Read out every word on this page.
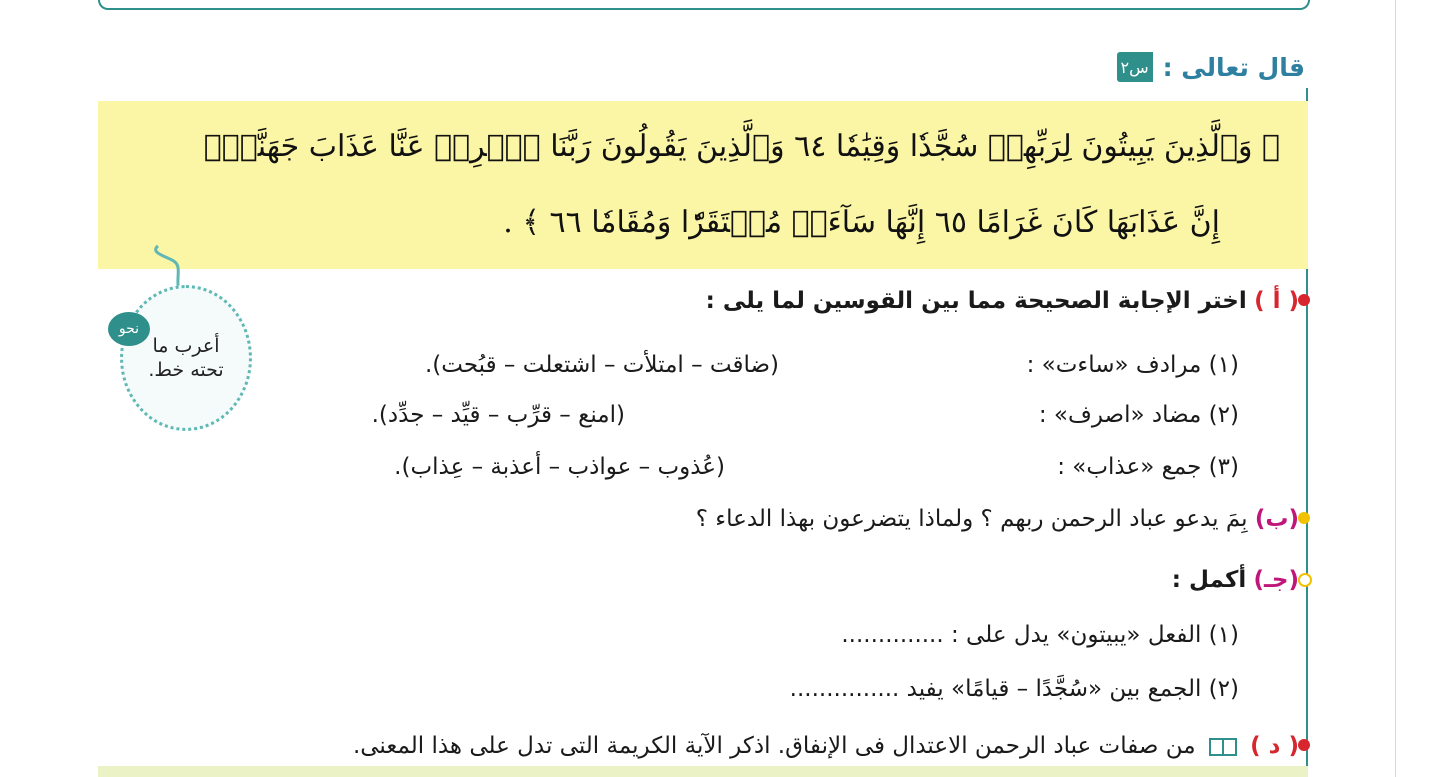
س٢ قال تعالى :
﴿ وَٱلَّذِينَ يَبِيتُونَ لِرَبِّهِمۡ سُجَّدٗا وَقِيَٰمٗا ٦٤ وَٱلَّذِينَ يَقُولُونَ رَبَّنَا ٱصۡرِفۡ عَنَّا عَذَابَ جَهَنَّمَۖ
إِنَّ عَذَابَهَا كَانَ غَرَامًا ٦٥ إِنَّهَا سَآءَتۡ مُسۡتَقَرّٗا وَمُقَامٗا ٦٦ ﴾ .
أعرب ما تحته خط.
نحو
( أ ) اختر الإجابة الصحيحة مما بين القوسين لما يلى :
(١) مرادف «ساءت» :
(ضاقت – امتلأت – اشتعلت – قبُحت).
(٢) مضاد «اصرف» :
(امنع – قرِّب – قيِّد – جدِّد).
(٣) جمع «عذاب» :
(عُذوب – عواذب – أعذبة – عِذاب).
(ب) بِمَ يدعو عباد الرحمن ربهم ؟ ولماذا يتضرعون بهذا الدعاء ؟
(جـ) أكمل :
(١) الفعل «يبيتون» يدل على : ..............
(٢) الجمع بين «سُجَّدًا – قيامًا» يفيد ...............
( د )  من صفات عباد الرحمن الاعتدال فى الإنفاق. اذكر الآية الكريمة التى تدل على هذا المعنى.
